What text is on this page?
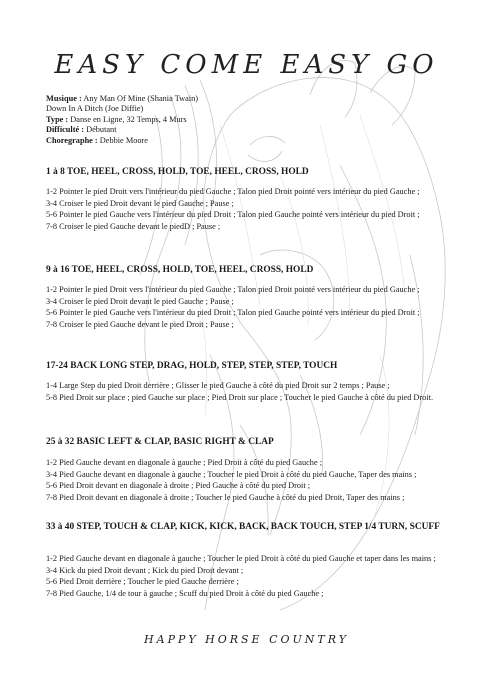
EASY COME EASY GO
Musique : Any Man Of Mine (Shania Twain)
Down In A Ditch (Joe Diffie)
Type : Danse en Ligne, 32 Temps, 4 Murs
Difficulté : Débutant
Choregraphe : Debbie Moore
1 à 8 TOE, HEEL, CROSS, HOLD, TOE, HEEL, CROSS, HOLD
1-2 Pointer le pied Droit vers l'intérieur du pied Gauche ; Talon pied Droit pointé vers intérieur du pied Gauche ;
3-4 Croiser le pied Droit devant le pied Gauche ; Pause ;
5-6 Pointer le pied Gauche vers l'intérieur du pied Droit ; Talon pied Gauche pointé vers intérieur du pied Droit ;
7-8 Croiser le pied Gauche devant le piedD ; Pause ;
9 à 16 TOE, HEEL, CROSS, HOLD, TOE, HEEL, CROSS, HOLD
1-2 Pointer le pied Droit vers l'intérieur du pied Gauche ; Talon pied Droit pointé vers intérieur du pied Gauche ;
3-4 Croiser le pied Droit devant le pied Gauche ; Pause ;
5-6 Pointer le pied Gauche vers l'intérieur du pied Droit ; Talon pied Gauche pointé vers intérieur du pied Droit ;
7-8 Croiser le pied Gauche devant le pied Droit ; Pause ;
17-24 BACK LONG STEP, DRAG, HOLD, STEP, STEP, STEP, TOUCH
1-4 Large Step du pied Droit derrière ; Glisser le pied Gauche à côté du pied Droit sur 2 temps ; Pause ;
5-8 Pied Droit sur place ; pied Gauche sur place ; Pied Droit sur place ; Toucher le pied Gauche à côté du pied Droit.
25 à 32 BASIC LEFT & CLAP, BASIC RIGHT & CLAP
1-2 Pied Gauche devant en diagonale à gauche ; Pied Droit à côté du pied Gauche ;
3-4 Pied Gauche devant en diagonale à gauche ; Toucher le pied Droit à côté du pied Gauche, Taper des mains ;
5-6 Pied Droit devant en diagonale à droite ; Pied Gauche à côté du pied Droit ;
7-8 Pied Droit devant en diagonale à droite ; Toucher le pied Gauche à côté du pied Droit, Taper des mains ;
33 à 40 STEP, TOUCH & CLAP, KICK, KICK, BACK, BACK TOUCH, STEP 1/4 TURN, SCUFF
1-2 Pied Gauche devant en diagonale à gauche ; Toucher le pied Droit à côté du pied Gauche et taper dans les mains ;
3-4 Kick du pied Droit devant ; Kick du pied Droit devant ;
5-6 Pied Droit derrière ; Toucher le pied Gauche derrière ;
7-8 Pied Gauche, 1/4 de tour à gauche ; Scuff du pied Droit à côté du pied Gauche ;
HAPPY HORSE COUNTRY
